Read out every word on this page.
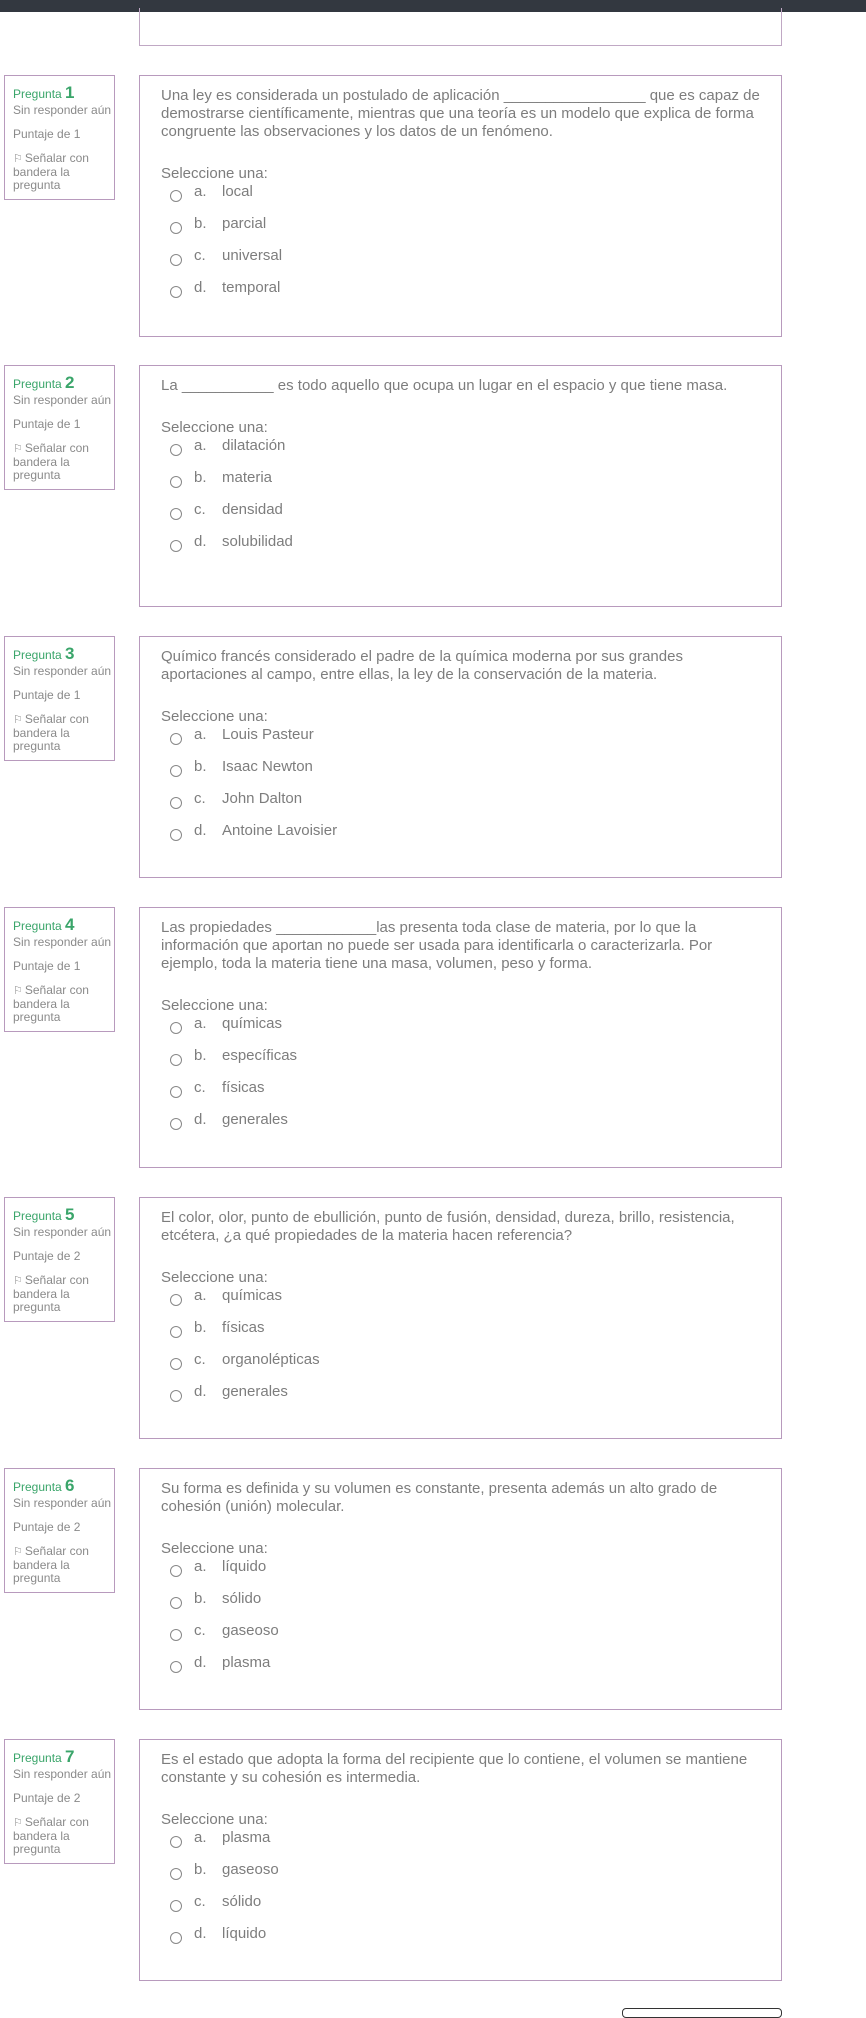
Pregunta 1
Sin responder aún
Puntaje de 1
⚐ Señalar con bandera la pregunta
Una ley es considerada un postulado de aplicación _________________ que es capaz de demostrarse científicamente, mientras que una teoría es un modelo que explica de forma congruente las observaciones y los datos de un fenómeno.
Seleccione una:
a.	local
b.	parcial
c.	universal
d.	temporal
Pregunta 2
Sin responder aún
Puntaje de 1
⚐ Señalar con bandera la pregunta
La ___________ es todo aquello que ocupa un lugar en el espacio y que tiene masa.
Seleccione una:
a.	dilatación
b.	materia
c.	densidad
d.	solubilidad
Pregunta 3
Sin responder aún
Puntaje de 1
⚐ Señalar con bandera la pregunta
Químico francés considerado el padre de la química moderna por sus grandes aportaciones al campo, entre ellas, la ley de la conservación de la materia.
Seleccione una:
a.	Louis Pasteur
b.	Isaac Newton
c.	John Dalton
d.	Antoine Lavoisier
Pregunta 4
Sin responder aún
Puntaje de 1
⚐ Señalar con bandera la pregunta
Las propiedades ____________las presenta toda clase de materia, por lo que la información que aportan no puede ser usada para identificarla o caracterizarla. Por ejemplo, toda la materia tiene una masa, volumen, peso y forma.
Seleccione una:
a.	químicas
b.	específicas
c.	físicas
d.	generales
Pregunta 5
Sin responder aún
Puntaje de 2
⚐ Señalar con bandera la pregunta
El color, olor, punto de ebullición, punto de fusión, densidad, dureza, brillo, resistencia, etcétera, ¿a qué propiedades de la materia hacen referencia?
Seleccione una:
a.	químicas
b.	físicas
c.	organolépticas
d.	generales
Pregunta 6
Sin responder aún
Puntaje de 2
⚐ Señalar con bandera la pregunta
Su forma es definida y su volumen es constante, presenta además un alto grado de cohesión (unión) molecular.
Seleccione una:
a.	líquido
b.	sólido
c.	gaseoso
d.	plasma
Pregunta 7
Sin responder aún
Puntaje de 2
⚐ Señalar con bandera la pregunta
Es el estado que adopta la forma del recipiente que lo contiene, el volumen se mantiene constante y su cohesión es intermedia.
Seleccione una:
a.	plasma
b.	gaseoso
c.	sólido
d.	líquido
